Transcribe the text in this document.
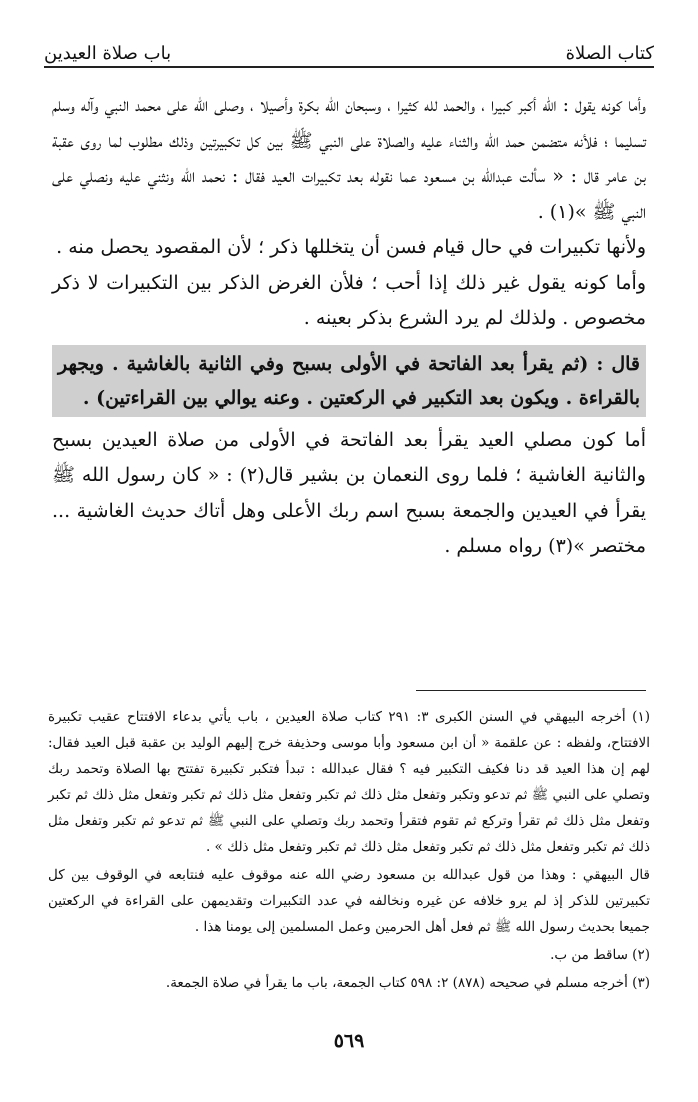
كتاب الصلاة
باب صلاة العيدين

وأما كونه يقول : الله أكبر كبيرا ، والحمد لله كثيرا ، وسبحان الله بكرة وأصيلا ، وصلى الله على محمد النبي وآله وسلم تسليما ؛ فلأنه متضمن حمد الله والثناء عليه والصلاة على النبي ﷺ بين كل تكبيرتين وذلك مطلوب لما روى عقبة بن عامر قال : « سألت عبدالله بن مسعود عما نقوله بعد تكبيرات العيد فقال : نحمد الله ونثني عليه ونصلي على النبي ﷺ »(١) .

ولأنها تكبيرات في حال قيام فسن أن يتخللها ذكر ؛ لأن المقصود يحصل منه .

وأما كونه يقول غير ذلك إذا أحب ؛ فلأن الغرض الذكر بين التكبيرات لا ذكر مخصوص . ولذلك لم يرد الشرع بذكر بعينه .

قال : (ثم يقرأ بعد الفاتحة في الأولى بسبح وفي الثانية بالغاشية . ويجهر بالقراءة . ويكون بعد التكبير في الركعتين . وعنه يوالي بين القراءتين) .

أما كون مصلي العيد يقرأ بعد الفاتحة في الأولى من صلاة العيدين بسبح والثانية الغاشية ؛ فلما روى النعمان بن بشير قال(٢) : « كان رسول الله ﷺ يقرأ في العيدين والجمعة بسبح اسم ربك الأعلى وهل أتاك حديث الغاشية ... مختصر »(٣) رواه مسلم .

(١) أخرجه البيهقي في السنن الكبرى ٣: ٢٩١ كتاب صلاة العيدين ، باب يأتي بدعاء الافتتاح عقيب تكبيرة الافتتاح، ولفظه : عن علقمة « أن ابن مسعود وأبا موسى وحذيفة خرج إليهم الوليد بن عقبة قبل العيد فقال: لهم إن هذا العيد قد دنا فكيف التكبير فيه ؟ فقال عبدالله : تبدأ فتكبر تكبيرة تفتتح بها الصلاة وتحمد ربك وتصلي على النبي ﷺ ثم تدعو وتكبر وتفعل مثل ذلك ثم تكبر وتفعل مثل ذلك ثم تكبر وتفعل مثل ذلك ثم تكبر وتفعل مثل ذلك ثم تقرأ وتركع ثم تقوم فتقرأ وتحمد ربك وتصلي على النبي ﷺ ثم تدعو ثم تكبر وتفعل مثل ذلك ثم تكبر وتفعل مثل ذلك ثم تكبر وتفعل مثل ذلك ثم تكبر وتفعل مثل ذلك » .

قال البيهقي : وهذا من قول عبدالله بن مسعود رضي الله عنه موقوف عليه فنتابعه في الوقوف بين كل تكبيرتين للذكر إذ لم يرو خلافه عن غيره ونخالفه في عدد التكبيرات وتقديمهن على القراءة في الركعتين جميعا بحديث رسول الله ﷺ ثم فعل أهل الحرمين وعمل المسلمين إلى يومنا هذا .

(٢) ساقط من ب.

(٣) أخرجه مسلم في صحيحه (٨٧٨) ٢: ٥٩٨ كتاب الجمعة، باب ما يقرأ في صلاة الجمعة.

٥٦٩
